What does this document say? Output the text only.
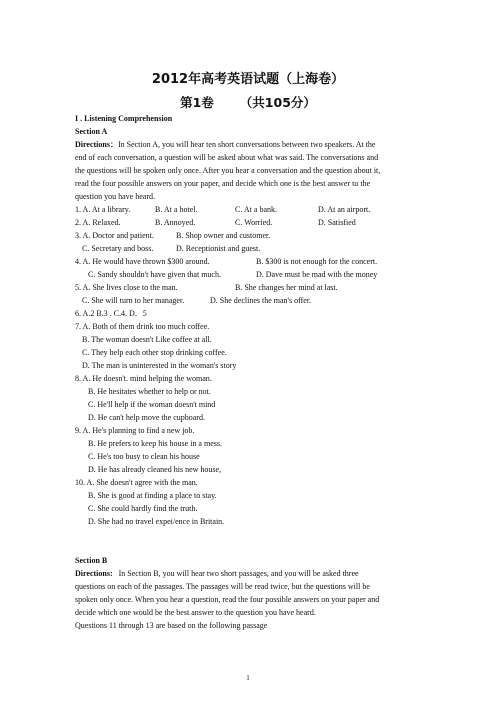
2012年高考英语试题（上海卷）
第1卷 （共105分）
I . Listening Comprehension
Section A
Directions：In Section A, you will hear ten short conversations between two speakers. At the
end of each conversation, a question will be asked about what was said. The conversations and
the questions will be spoken only once. After you hear a conversation and the question about it,
read the four possible answers on your paper, and decide which one is the best answer to the
question you have heard.
1. A. At a library.	B. At a hotel.	C. At a bank.	D. At an airport.
2. A. Relaxed.	B. Annoyed.	C. Worried.	D. Satisfied
3. A. Doctor and patient.	B. Shop owner and customer.
C. Secretary and boss.	D. Receptionist and guest.
4. A. He would have thrown $300 around.	B. $300 is not enough for the concert.
C. Sandy shouldn't have given that much.	D. Dave must be mad with the money
5. A. She lives close to the man.	B. She changes her mind at last.
C. She will turn to her manager.	D. She declines the man's offer.
6. A.2 B.3 . C.4. D．5
7. A. Both of them drink too much coffee.
B. The woman doesn't Like coffee at all.
C. They help each other stop drinking coffee.
D. The man is uninterested in the woman's story
8. A. He doesn't. mind helping the woman.
B. He hesitates whether to help or not.
C. He'll help if the woman doesn't mind
D. He can't help move the cupboard.
9. A. He's planning to find a new job.
B. He prefers to keep his house in a mess.
C. He's too busy to clean his house
D. He has already cleaned his new house,
10. A. She doesn't agree with the man.
B. She is good at finding a place to stay.
C. She could hardly find the truth.
D. She had no travel expei/ence in Britain.
Section B
Directions: In Section B, you will hear two short passages, and you will be asked three
questions on each of the passages. The passages will be read twice, but the questions will be
spoken only once. When you hear a question, read the four possible answers on your paper and
decide which one would be the best answer to the question you have heard.
Questions 11 through 13 are based on the following passage
1
